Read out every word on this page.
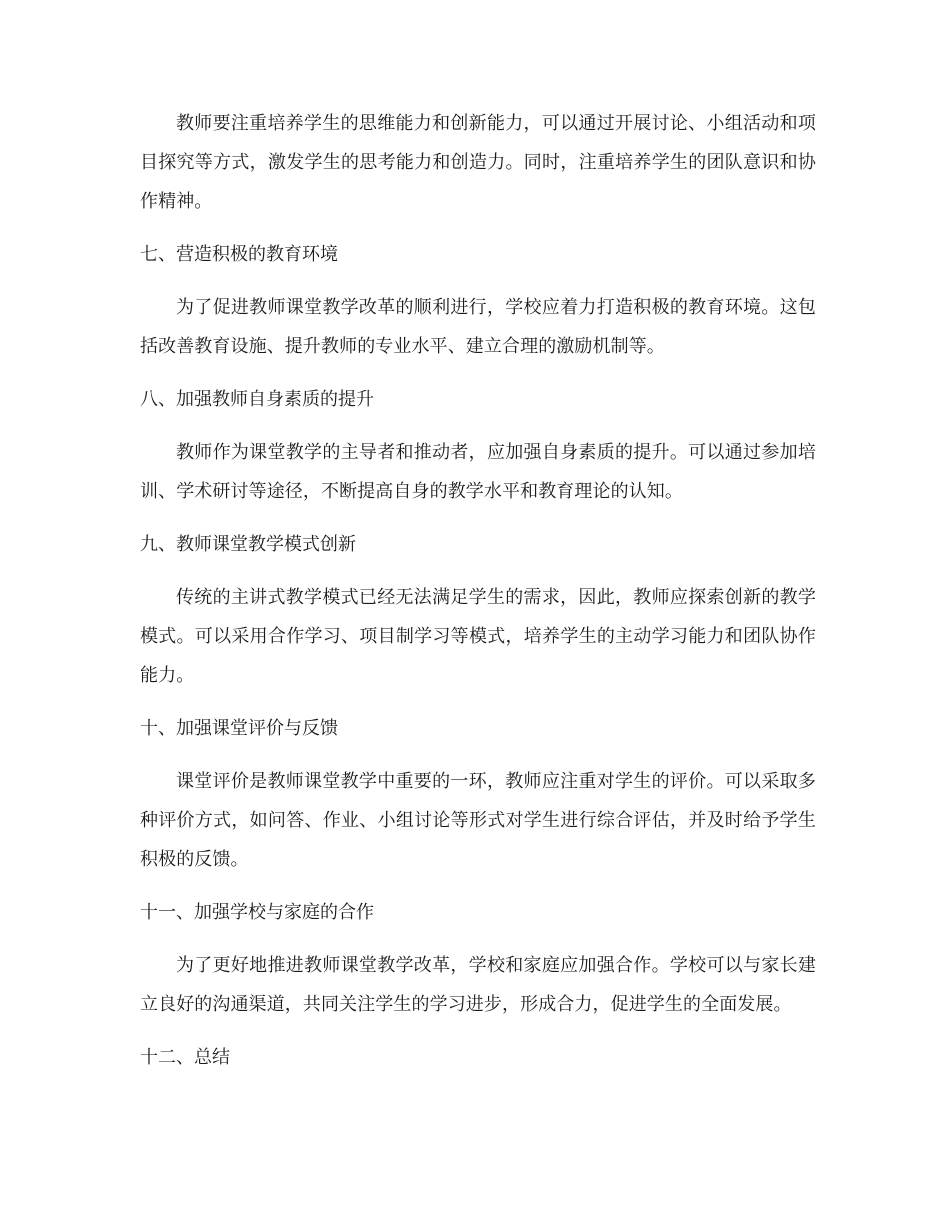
教师要注重培养学生的思维能力和创新能力，可以通过开展讨论、小组活动和项目探究等方式，激发学生的思考能力和创造力。同时，注重培养学生的团队意识和协作精神。

七、营造积极的教育环境

为了促进教师课堂教学改革的顺利进行，学校应着力打造积极的教育环境。这包括改善教育设施、提升教师的专业水平、建立合理的激励机制等。

八、加强教师自身素质的提升

教师作为课堂教学的主导者和推动者，应加强自身素质的提升。可以通过参加培训、学术研讨等途径，不断提高自身的教学水平和教育理论的认知。

九、教师课堂教学模式创新

传统的主讲式教学模式已经无法满足学生的需求，因此，教师应探索创新的教学模式。可以采用合作学习、项目制学习等模式，培养学生的主动学习能力和团队协作能力。

十、加强课堂评价与反馈

课堂评价是教师课堂教学中重要的一环，教师应注重对学生的评价。可以采取多种评价方式，如问答、作业、小组讨论等形式对学生进行综合评估，并及时给予学生积极的反馈。

十一、加强学校与家庭的合作

为了更好地推进教师课堂教学改革，学校和家庭应加强合作。学校可以与家长建立良好的沟通渠道，共同关注学生的学习进步，形成合力，促进学生的全面发展。

十二、总结
